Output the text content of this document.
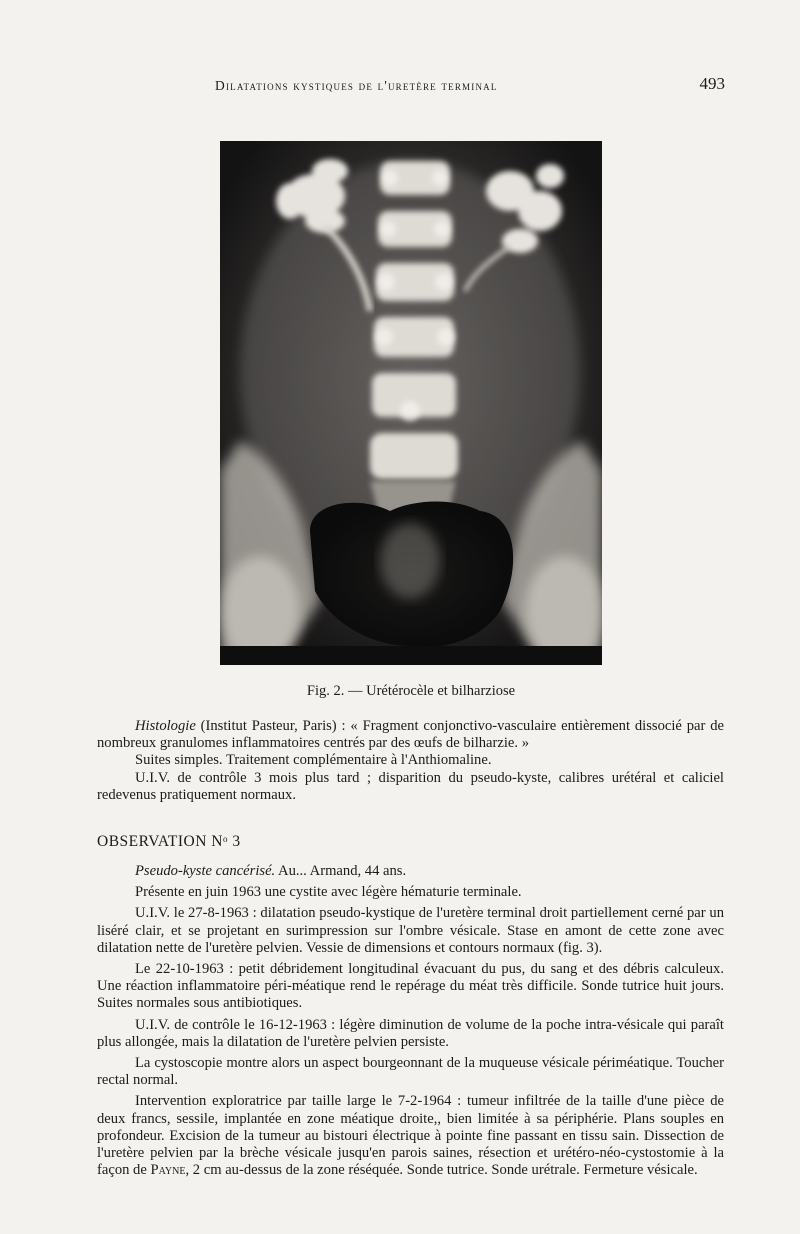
Dilatations kystiques de l'uretère terminal	493
Fig. 2. — Urétérocèle et bilharziose

Histologie (Institut Pasteur, Paris) : « Fragment conjonctivo-vasculaire entièrement dissocié par de nombreux granulomes inflammatoires centrés par des œufs de bilharzie. »

Suites simples. Traitement complémentaire à l'Anthiomaline.

U.I.V. de contrôle 3 mois plus tard ; disparition du pseudo-kyste, calibres urétéral et caliciel redevenus pratiquement normaux.

OBSERVATION $N^o$ 3

Pseudo-kyste cancérisé. Au... Armand, 44 ans.

Présente en juin 1963 une cystite avec légère hématurie terminale.

U.I.V. le 27-8-1963 : dilatation pseudo-kystique de l'uretère terminal droit partiellement cerné par un liséré clair, et se projetant en surimpression sur l'ombre vésicale. Stase en amont de cette zone avec dilatation nette de l'uretère pelvien. Vessie de dimensions et contours normaux (fig. 3).

Le 22-10-1963 : petit débridement longitudinal évacuant du pus, du sang et des débris calculeux. Une réaction inflammatoire péri-méatique rend le repérage du méat très difficile. Sonde tutrice huit jours. Suites normales sous antibiotiques.

U.I.V. de contrôle le 16-12-1963 : légère diminution de volume de la poche intra-vésicale qui paraît plus allongée, mais la dilatation de l'uretère pelvien persiste.

La cystoscopie montre alors un aspect bourgeonnant de la muqueuse vésicale périméatique. Toucher rectal normal.

Intervention exploratrice par taille large le 7-2-1964 : tumeur infiltrée de la taille d'une pièce de deux francs, sessile, implantée en zone méatique droite,, bien limitée à sa périphérie. Plans souples en profondeur. Excision de la tumeur au bistouri électrique à pointe fine passant en tissu sain. Dissection de l'uretère pelvien par la brèche vésicale jusqu'en parois saines, résection et urétéro-néo-cystostomie à la façon de Payne, 2 cm au-dessus de la zone réséquée. Sonde tutrice. Sonde urétrale. Fermeture vésicale.
